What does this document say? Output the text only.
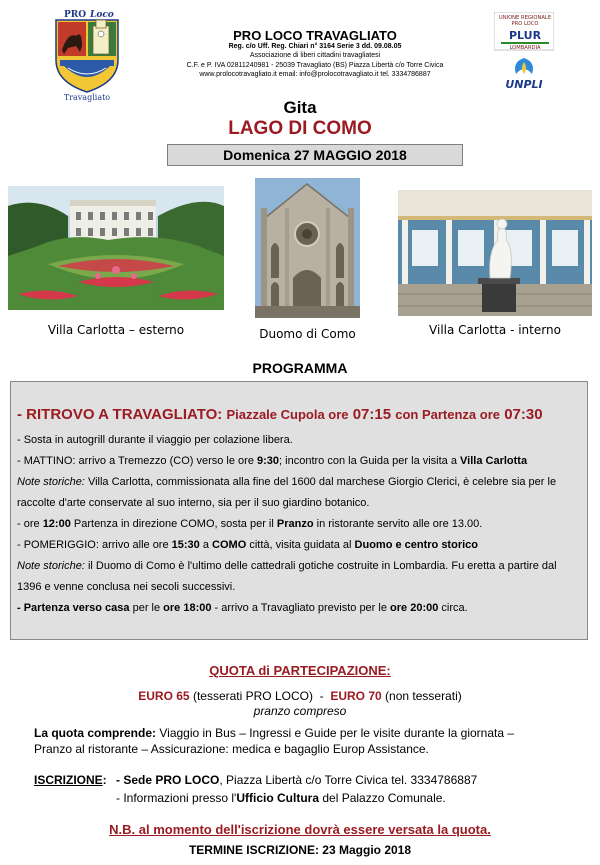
PRO Loco
Travagliato
PRO LOCO TRAVAGLIATO
Reg. c/o Uff. Reg. Chiari n° 3164 Serie 3 dd. 09.08.05
Associazione di liberi cittadini travagliatesi
C.F. e P. IVA 02811240981 - 25039 Travagliato (BS) Piazza Libertà c/o Torre Civica
www.prolocotravagliato.it email: info@prolocotravagliato.it tel. 3334786887
UNIONE REGIONALE
PRO LOCO
PLUR
LOMBARDIA
UNPLI
Gita
LAGO DI COMO
Domenica 27 MAGGIO 2018
Villa Carlotta – esterno	Duomo di Como	Villa Carlotta - interno
PROGRAMMA
- RITROVO A TRAVAGLIATO: Piazzale Cupola ore 07:15 con Partenza ore 07:30
- Sosta in autogrill durante il viaggio per colazione libera.
- MATTINO: arrivo a Tremezzo (CO) verso le ore 9:30; incontro con la Guida per la visita a Villa Carlotta
Note storiche: Villa Carlotta, commissionata alla fine del 1600 dal marchese Giorgio Clerici, è celebre sia per le
raccolte d'arte conservate al suo interno, sia per il suo giardino botanico.
- ore 12:00 Partenza in direzione COMO, sosta per il Pranzo in ristorante servito alle ore 13.00.
- POMERIGGIO: arrivo alle ore 15:30 a COMO città, visita guidata al Duomo e centro storico
Note storiche: il Duomo di Como è l'ultimo delle cattedrali gotiche costruite in Lombardia. Fu eretta a partire dal
1396 e venne conclusa nei secoli successivi.
- Partenza verso casa per le ore 18:00 - arrivo a Travagliato previsto per le ore 20:00 circa.
QUOTA di PARTECIPAZIONE:
EURO 65 (tesserati PRO LOCO) - EURO 70 (non tesserati)
pranzo compreso
La quota comprende: Viaggio in Bus – Ingressi e Guide per le visite durante la giornata –
Pranzo al ristorante – Assicurazione: medica e bagaglio Europ Assistance.
ISCRIZIONE: - Sede PRO LOCO, Piazza Libertà c/o Torre Civica tel. 3334786887
- Informazioni presso l'Ufficio Cultura del Palazzo Comunale.
N.B. al momento dell'iscrizione dovrà essere versata la quota.
TERMINE ISCRIZIONE: 23 Maggio 2018
